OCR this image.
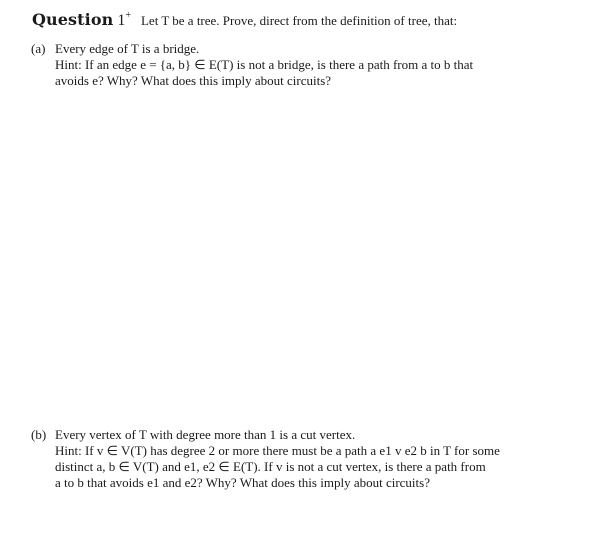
Question 1+ Let T be a tree. Prove, direct from the definition of tree, that:
(a) Every edge of T is a bridge.
Hint: If an edge e = {a, b} ∈ E(T) is not a bridge, is there a path from a to b that
avoids e? Why? What does this imply about circuits?
(b) Every vertex of T with degree more than 1 is a cut vertex.
Hint: If v ∈ V(T) has degree 2 or more there must be a path a e1 v e2 b in T for some
distinct a, b ∈ V(T) and e1, e2 ∈ E(T). If v is not a cut vertex, is there a path from
a to b that avoids e1 and e2? Why? What does this imply about circuits?
